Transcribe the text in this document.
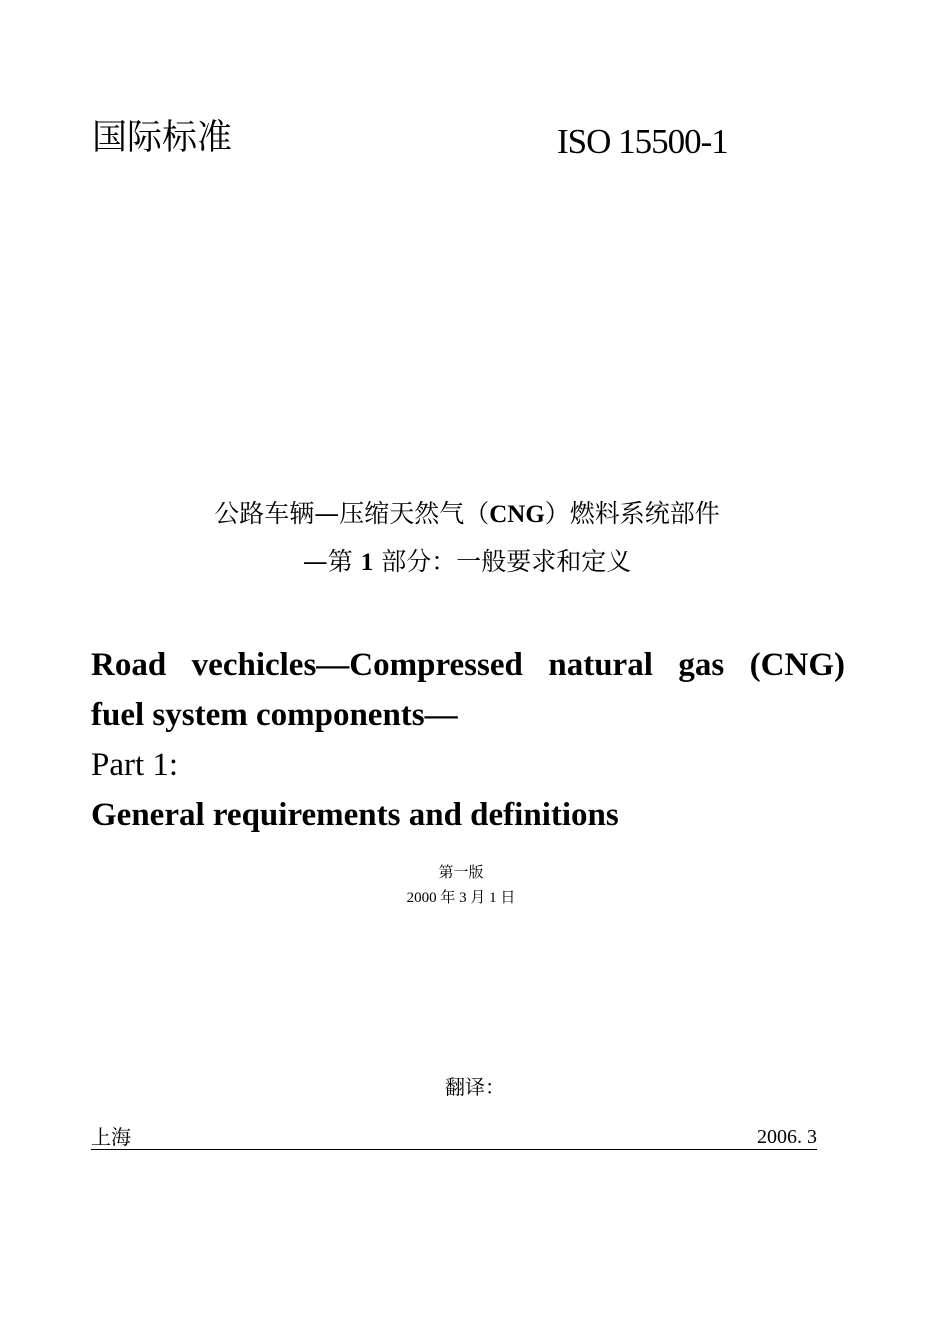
国际标准	ISO 15500-1
公路车辆—压缩天然气（CNG）燃料系统部件
—第 1 部分：一般要求和定义
Road vechicles—Compressed natural gas (CNG)
fuel system components—
Part 1:
General requirements and definitions
第一版
2000 年 3 月 1 日
翻译：
上海	2006. 3
